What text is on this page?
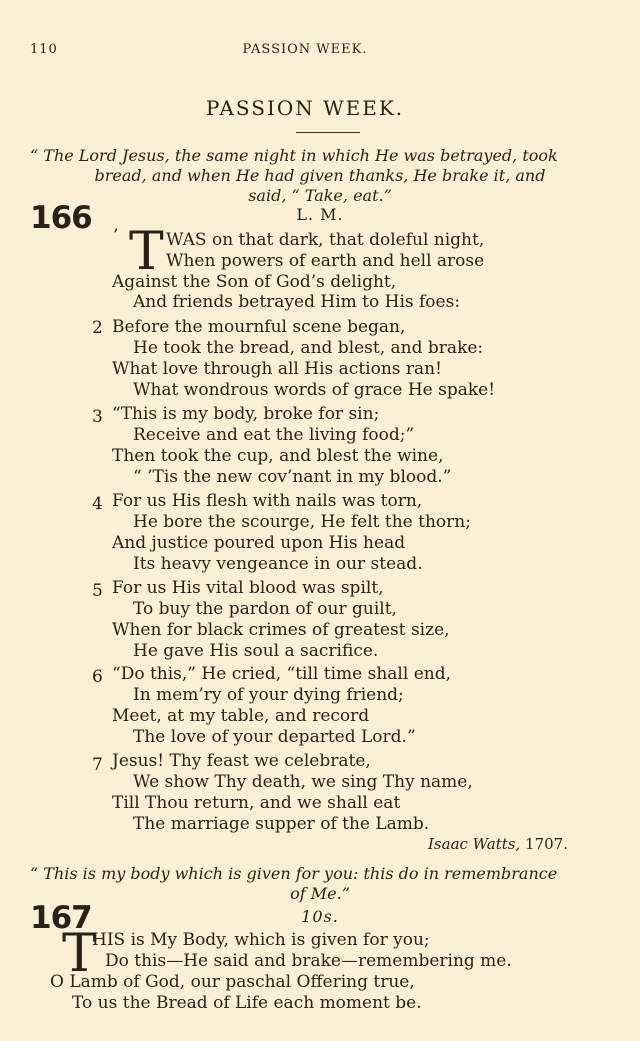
110	PASSION WEEK.
PASSION WEEK.
“ The Lord Jesus, the same night in which He was betrayed, took
bread, and when He had given thanks, He brake it, and
said, “ Take, eat.”
166	L. M.
’ T WAS on that dark, that doleful night,
When powers of earth and hell arose
Against the Son of God’s delight,
And friends betrayed Him to His foes:
2 Before the mournful scene began,
He took the bread, and blest, and brake:
What love through all His actions ran!
What wondrous words of grace He spake!
3 “This is my body, broke for sin;
Receive and eat the living food;”
Then took the cup, and blest the wine,
“ ’Tis the new cov’nant in my blood.”
4 For us His flesh with nails was torn,
He bore the scourge, He felt the thorn;
And justice poured upon His head
Its heavy vengeance in our stead.
5 For us His vital blood was spilt,
To buy the pardon of our guilt,
When for black crimes of greatest size,
He gave His soul a sacrifice.
6 “Do this,” He cried, “till time shall end,
In mem’ry of your dying friend;
Meet, at my table, and record
The love of your departed Lord.”
7 Jesus! Thy feast we celebrate,
We show Thy death, we sing Thy name,
Till Thou return, and we shall eat
The marriage supper of the Lamb.
Isaac Watts, 1707.
“ This is my body which is given for you: this do in remembrance
of Me.”
167	10s.
T
HIS is My Body, which is given for you;
Do this—He said and brake—remembering me.
O Lamb of God, our paschal Offering true,
To us the Bread of Life each moment be.
